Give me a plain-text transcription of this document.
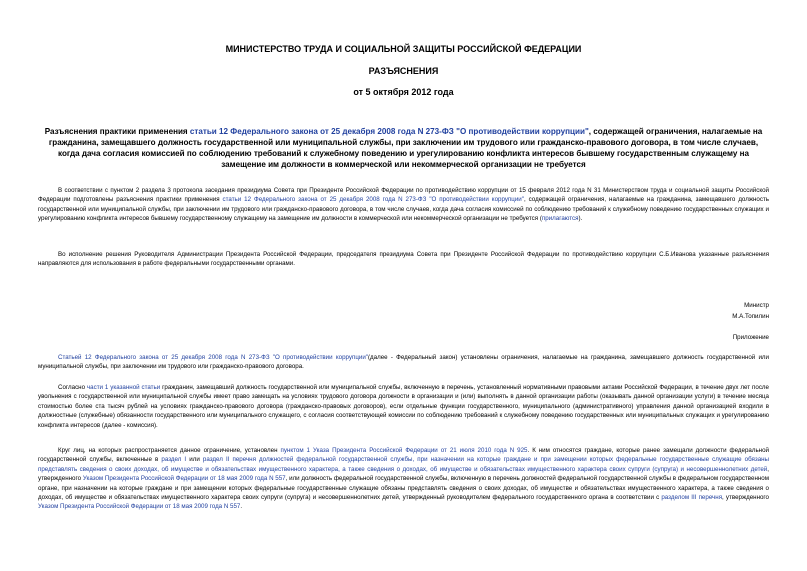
МИНИСТЕРСТВО ТРУДА И СОЦИАЛЬНОЙ ЗАЩИТЫ РОССИЙСКОЙ ФЕДЕРАЦИИ
РАЗЪЯСНЕНИЯ
от 5 октября 2012 года
Разъяснения практики применения статьи 12 Федерального закона от 25 декабря 2008 года N 273-ФЗ "О противодействии коррупции", содержащей ограничения, налагаемые на гражданина, замещавшего должность государственной или муниципальной службы, при заключении им трудового или гражданско-правового договора, в том числе случаев, когда дача согласия комиссией по соблюдению требований к служебному поведению и урегулированию конфликта интересов бывшему государственным служащему на замещение им должности в коммерческой или некоммерческой организации не требуется
В соответствии с пунктом 2 раздела 3 протокола заседания президиума Совета при Президенте Российской Федерации по противодействию коррупции от 15 февраля 2012 года N 31 Министерством труда и социальной защиты Российской Федерации подготовлены разъяснения практики применения статьи 12 Федерального закона от 25 декабря 2008 года N 273-ФЗ "О противодействии коррупции", содержащей ограничения, налагаемые на гражданина, замещавшего должность государственной или муниципальной службы, при заключении им трудового или гражданско-правового договора, в том числе случаев, когда дача согласия комиссией по соблюдению требований к служебному поведению государственных служащих и урегулированию конфликта интересов бывшему государственному служащему на замещение им должности в коммерческой или некоммерческой организации не требуется (прилагаются).
Во исполнение решения Руководителя Администрации Президента Российской Федерации, председателя президиума Совета при Президенте Российской Федерации по противодействию коррупции С.Б.Иванова указанные разъяснения направляются для использования в работе федеральными государственными органами.
Министр
М.А.Топилин
Приложение
Статьей 12 Федерального закона от 25 декабря 2008 года N 273-ФЗ "О противодействии коррупции"(далее - Федеральный закон) установлены ограничения, налагаемые на гражданина, замещавшего должность государственной или муниципальной службы, при заключении им трудового или гражданско-правового договора.
Согласно части 1 указанной статьи гражданин, замещавший должность государственной или муниципальной службы, включенную в перечень, установленный нормативными правовыми актами Российской Федерации, в течение двух лет после увольнения с государственной или муниципальной службы имеет право замещать на условиях трудового договора должности в организации и (или) выполнять в данной организации работы (оказывать данной организации услуги) в течение месяца стоимостью более ста тысяч рублей на условиях гражданско-правового договора (гражданско-правовых договоров), если отдельные функции государственного, муниципального (административного) управления данной организацией входили в должностные (служебные) обязанности государственного или муниципального служащего, с согласия соответствующей комиссии по соблюдению требований к служебному поведению государственных или муниципальных служащих и урегулированию конфликта интересов (далее - комиссия).
Круг лиц, на которых распространяется данное ограничение, установлен пунктом 1 Указа Президента Российской Федерации от 21 июля 2010 года N 925. К ним относятся граждане, которые ранее замещали должности федеральной государственной службы, включенные в раздел I или раздел II перечня должностей федеральной государственной службы, при назначении на которые граждане и при замещении которых федеральные государственные служащие обязаны представлять сведения о своих доходах, об имуществе и обязательствах имущественного характера, а также сведения о доходах, об имуществе и обязательствах имущественного характера своих супруги (супруга) и несовершеннолетних детей, утвержденного Указом Президента Российской Федерации от 18 мая 2009 года N 557, или должность федеральной государственной службы, включенную в перечень должностей федеральной государственной службы в федеральном государственном органе, при назначении на которые граждане и при замещении которых федеральные государственные служащие обязаны представлять сведения о своих доходах, об имуществе и обязательствах имущественного характера, а также сведения о доходах, об имуществе и обязательствах имущественного характера своих супруги (супруга) и несовершеннолетних детей, утвержденный руководителем федерального государственного органа в соответствии с разделом III перечня, утвержденного Указом Президента Российской Федерации от 18 мая 2009 года N 557.
